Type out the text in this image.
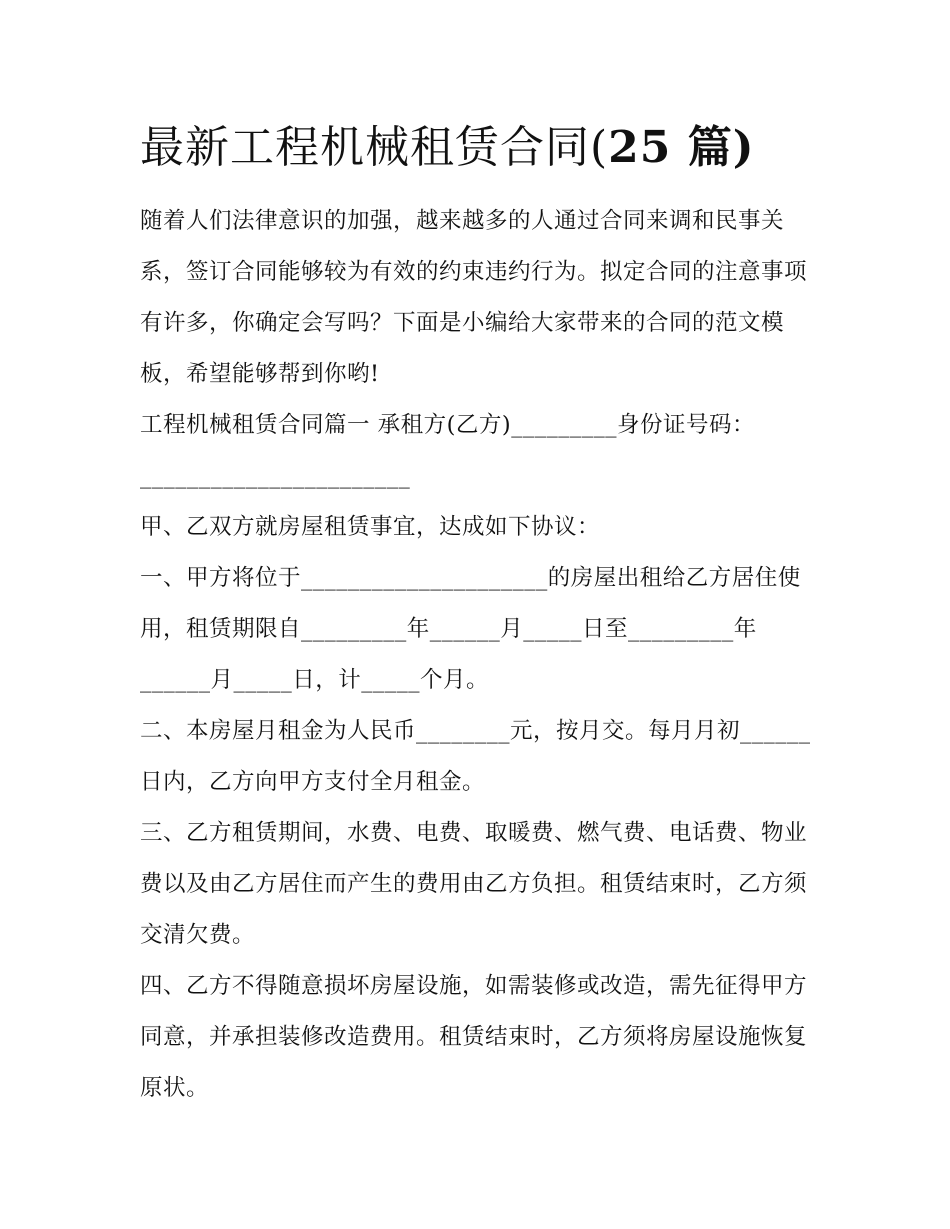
最新工程机械租赁合同(25 篇)

随着人们法律意识的加强，越来越多的人通过合同来调和民事关系，签订合同能够较为有效的约束违约行为。拟定合同的注意事项有许多，你确定会写吗？下面是小编给大家带来的合同的范文模板，希望能够帮到你哟!

工程机械租赁合同篇一 承租方(乙方)_________身份证号码：

_______________________

甲、乙双方就房屋租赁事宜，达成如下协议：

一、甲方将位于_____________________的房屋出租给乙方居住使用，租赁期限自_________年______月_____日至_________年______月_____日，计_____个月。

二、本房屋月租金为人民币________元，按月交。每月月初______日内，乙方向甲方支付全月租金。

三、乙方租赁期间，水费、电费、取暖费、燃气费、电话费、物业费以及由乙方居住而产生的费用由乙方负担。租赁结束时，乙方须交清欠费。

四、乙方不得随意损坏房屋设施，如需装修或改造，需先征得甲方同意，并承担装修改造费用。租赁结束时，乙方须将房屋设施恢复原状。
